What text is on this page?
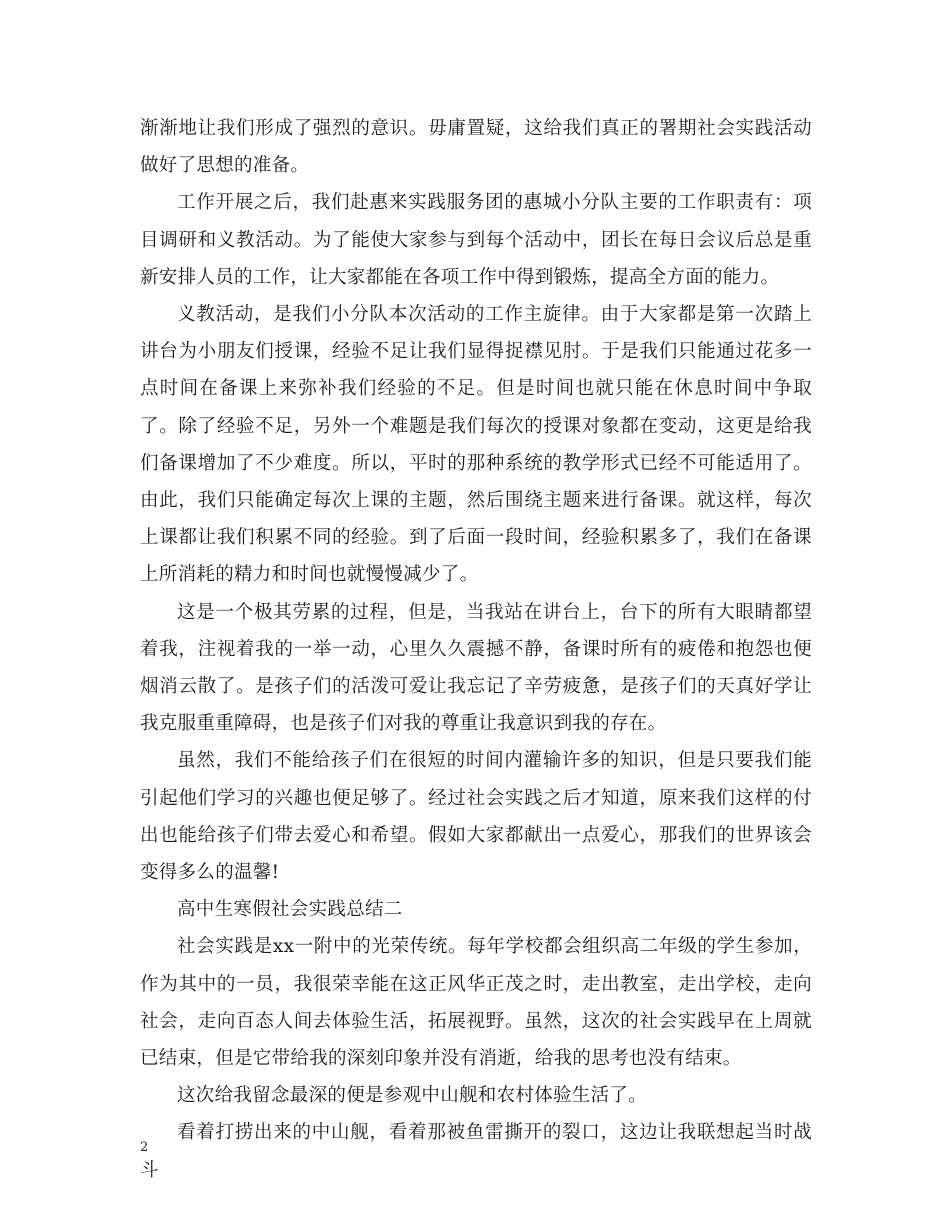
渐渐地让我们形成了强烈的意识。毋庸置疑，这给我们真正的署期社会实践活动做好了思想的准备。

工作开展之后，我们赴惠来实践服务团的惠城小分队主要的工作职责有：项目调研和义教活动。为了能使大家参与到每个活动中，团长在每日会议后总是重新安排人员的工作，让大家都能在各项工作中得到锻炼，提高全方面的能力。

义教活动，是我们小分队本次活动的工作主旋律。由于大家都是第一次踏上讲台为小朋友们授课，经验不足让我们显得捉襟见肘。于是我们只能通过花多一点时间在备课上来弥补我们经验的不足。但是时间也就只能在休息时间中争取了。除了经验不足，另外一个难题是我们每次的授课对象都在变动，这更是给我们备课增加了不少难度。所以，平时的那种系统的教学形式已经不可能适用了。由此，我们只能确定每次上课的主题，然后围绕主题来进行备课。就这样，每次上课都让我们积累不同的经验。到了后面一段时间，经验积累多了，我们在备课上所消耗的精力和时间也就慢慢减少了。

这是一个极其劳累的过程，但是，当我站在讲台上，台下的所有大眼睛都望着我，注视着我的一举一动，心里久久震撼不静，备课时所有的疲倦和抱怨也便烟消云散了。是孩子们的活泼可爱让我忘记了辛劳疲惫，是孩子们的天真好学让我克服重重障碍，也是孩子们对我的尊重让我意识到我的存在。

虽然，我们不能给孩子们在很短的时间内灌输许多的知识，但是只要我们能引起他们学习的兴趣也便足够了。经过社会实践之后才知道，原来我们这样的付出也能给孩子们带去爱心和希望。假如大家都献出一点爱心，那我们的世界该会变得多么的温馨!

高中生寒假社会实践总结二

社会实践是xx一附中的光荣传统。每年学校都会组织高二年级的学生参加，作为其中的一员，我很荣幸能在这正风华正茂之时，走出教室，走出学校，走向社会，走向百态人间去体验生活，拓展视野。虽然，这次的社会实践早在上周就已结束，但是它带给我的深刻印象并没有消逝，给我的思考也没有结束。

这次给我留念最深的便是参观中山舰和农村体验生活了。

看着打捞出来的中山舰，看着那被鱼雷撕开的裂口，这边让我联想起当时战斗

2
